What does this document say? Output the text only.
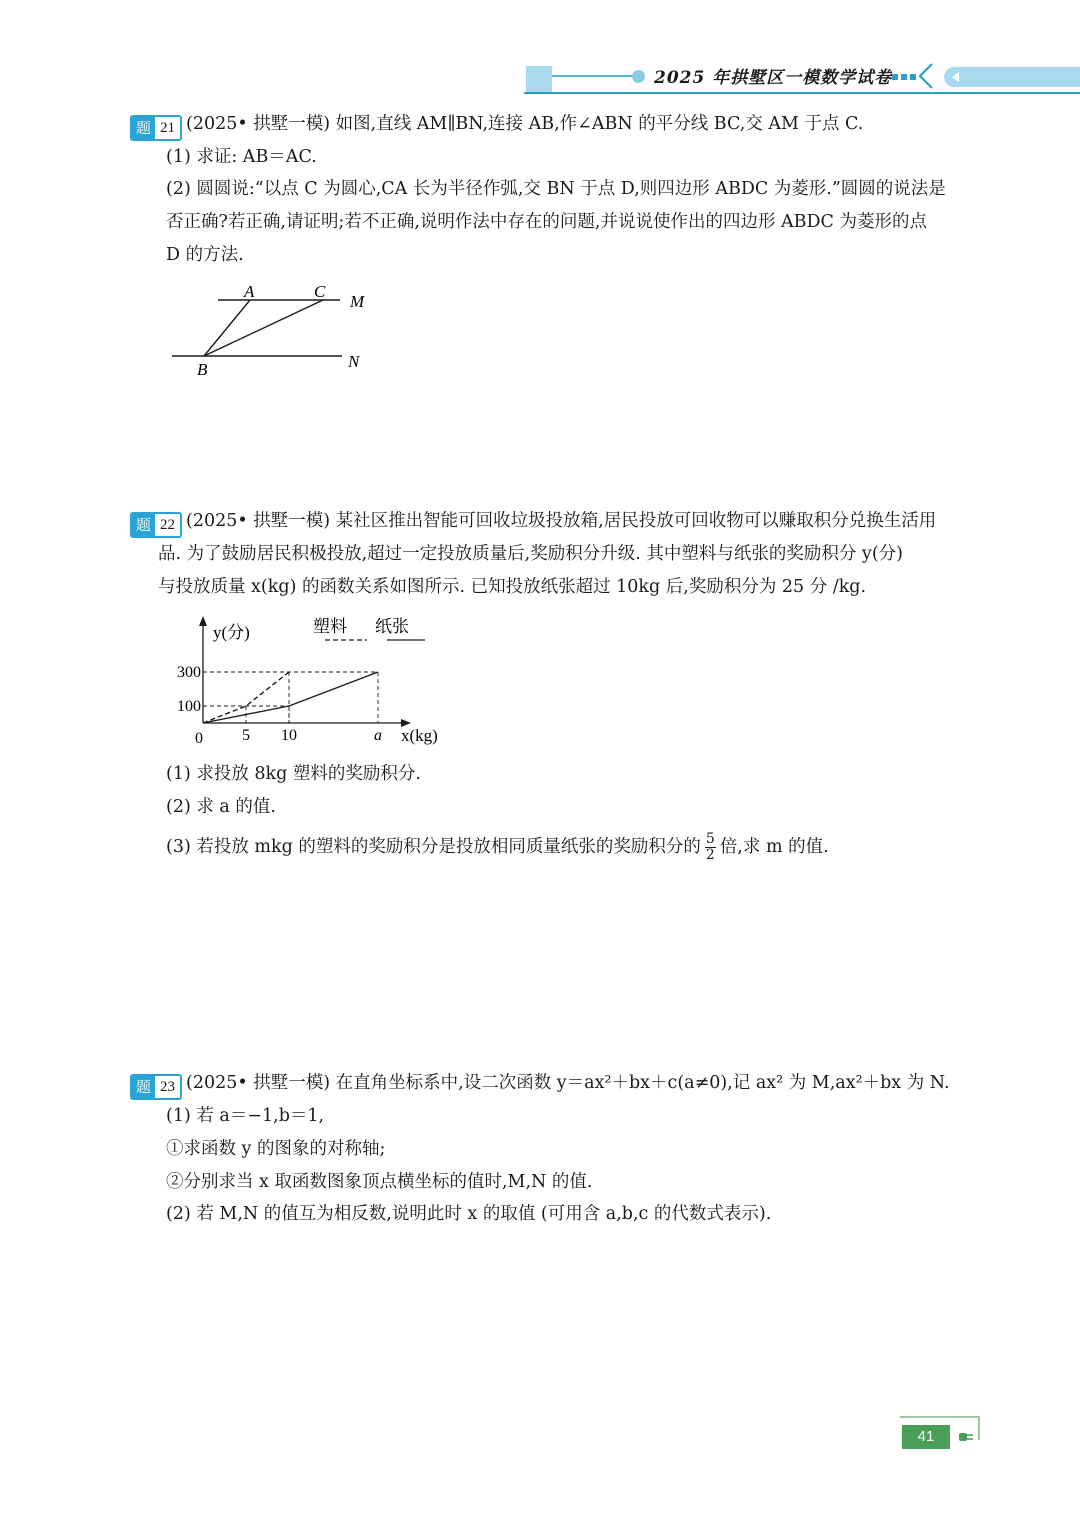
2025 年拱墅区一模数学试卷
题 21 (2025• 拱墅一模) 如图,直线 AM∥BN,连接 AB,作∠ABN 的平分线 BC,交 AM 于点 C.
(1) 求证: AB＝AC.
(2) 圆圆说:“以点 C 为圆心,CA 长为半径作弧,交 BN 于点 D,则四边形 ABDC 为菱形.”圆圆的说法是
否正确?若正确,请证明;若不正确,说明作法中存在的问题,并说说使作出的四边形 ABDC 为菱形的点
D 的方法.
A	C
M
B	N
题 22 (2025• 拱墅一模) 某社区推出智能可回收垃圾投放箱,居民投放可回收物可以赚取积分兑换生活用
品. 为了鼓励居民积极投放,超过一定投放质量后,奖励积分升级. 其中塑料与纸张的奖励积分 y(分)
与投放质量 x(kg) 的函数关系如图所示. 已知投放纸张超过 10kg 后,奖励积分为 25 分 /kg.
y(分)
x(kg)
0 5 10	a
100
300
塑料 纸张
(1) 求投放 8kg 塑料的奖励积分.
(2) 求 a 的值.
(3) 若投放 mkg 的塑料的奖励积分是投放相同质量纸张的奖励积分的 $\frac{5}{2}$ 倍,求 m 的值.
题 23 (2025• 拱墅一模) 在直角坐标系中,设二次函数 y＝ax²＋bx＋c(a≠0),记 ax² 为 M,ax²＋bx 为 N.
(1) 若 a＝−1,b＝1,
①求函数 y 的图象的对称轴;
②分别求当 x 取函数图象顶点横坐标的值时,M,N 的值.
(2) 若 M,N 的值互为相反数,说明此时 x 的取值 (可用含 a,b,c 的代数式表示).
41
